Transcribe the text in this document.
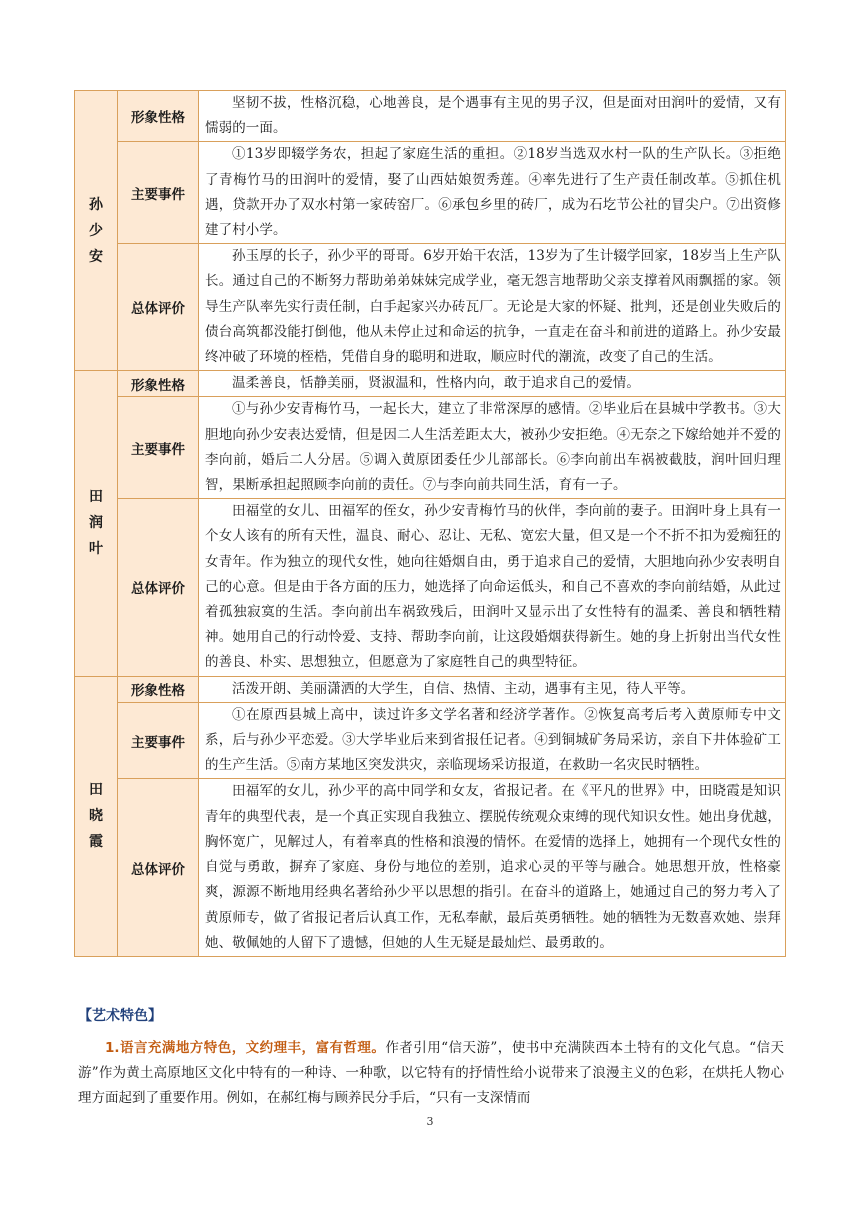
孙少安	形象性格	坚韧不拔，性格沉稳，心地善良，是个遇事有主见的男子汉，但是面对田润叶的爱情，又有懦弱的一面。
	主要事件	①13岁即辍学务农，担起了家庭生活的重担。②18岁当选双水村一队的生产队长。③拒绝了青梅竹马的田润叶的爱情，娶了山西姑娘贺秀莲。④率先进行了生产责任制改革。⑤抓住机遇，贷款开办了双水村第一家砖窑厂。⑥承包乡里的砖厂，成为石圪节公社的冒尖户。⑦出资修建了村小学。
	总体评价	孙玉厚的长子，孙少平的哥哥。6岁开始干农活，13岁为了生计辍学回家，18岁当上生产队长。通过自己的不断努力帮助弟弟妹妹完成学业，毫无怨言地帮助父亲支撑着风雨飘摇的家。领导生产队率先实行责任制，白手起家兴办砖瓦厂。无论是大家的怀疑、批判，还是创业失败后的债台高筑都没能打倒他，他从未停止过和命运的抗争，一直走在奋斗和前进的道路上。孙少安最终冲破了环境的桎梏，凭借自身的聪明和进取，顺应时代的潮流，改变了自己的生活。
田润叶	形象性格	温柔善良，恬静美丽，贤淑温和，性格内向，敢于追求自己的爱情。
	主要事件	①与孙少安青梅竹马，一起长大，建立了非常深厚的感情。②毕业后在县城中学教书。③大胆地向孙少安表达爱情，但是因二人生活差距太大，被孙少安拒绝。④无奈之下嫁给她并不爱的李向前，婚后二人分居。⑤调入黄原团委任少儿部部长。⑥李向前出车祸被截肢，润叶回归理智，果断承担起照顾李向前的责任。⑦与李向前共同生活，育有一子。
	总体评价	田福堂的女儿、田福军的侄女，孙少安青梅竹马的伙伴，李向前的妻子。田润叶身上具有一个女人该有的所有天性，温良、耐心、忍让、无私、宽宏大量，但又是一个不折不扣为爱痴狂的女青年。作为独立的现代女性，她向往婚烟自由，勇于追求自己的爱情，大胆地向孙少安表明自己的心意。但是由于各方面的压力，她选择了向命运低头，和自己不喜欢的李向前结婚，从此过着孤独寂寞的生活。李向前出车祸致残后，田润叶又显示出了女性特有的温柔、善良和牺牲精神。她用自己的行动怜爱、支持、帮助李向前，让这段婚烟获得新生。她的身上折射出当代女性的善良、朴实、思想独立，但愿意为了家庭牲自己的典型特征。
田晓霞	形象性格	活泼开朗、美丽潇洒的大学生，自信、热情、主动，遇事有主见，待人平等。
	主要事件	①在原西县城上高中，读过许多文学名著和经济学著作。②恢复高考后考入黄原师专中文系，后与孙少平恋爱。③大学毕业后来到省报任记者。④到铜城矿务局采访，亲自下井体验矿工的生产生活。⑤南方某地区突发洪灾，亲临现场采访报道，在救助一名灾民时牺牲。
	总体评价	田福军的女儿，孙少平的高中同学和女友，省报记者。在《平凡的世界》中，田晓霞是知识青年的典型代表，是一个真正实现自我独立、摆脱传统观众束缚的现代知识女性。她出身优越，胸怀宽广，见解过人，有着率真的性格和浪漫的情怀。在爱情的选择上，她拥有一个现代女性的自觉与勇敢，摒弃了家庭、身份与地位的差别，追求心灵的平等与融合。她思想开放，性格豪爽，源源不断地用经典名著给孙少平以思想的指引。在奋斗的道路上，她通过自己的努力考入了黄原师专，做了省报记者后认真工作，无私奉献，最后英勇牺牲。她的牺牲为无数喜欢她、崇拜她、敬佩她的人留下了遗憾，但她的人生无疑是最灿烂、最勇敢的。
【艺术特色】

1.语言充满地方特色，文约理丰，富有哲理。作者引用“信天游”，使书中充满陕西本土特有的文化气息。“信天游”作为黄土高原地区文化中特有的一种诗、一种歌，以它特有的抒情性给小说带来了浪漫主义的色彩，在烘托人物心理方面起到了重要作用。例如，在郝红梅与顾养民分手后，“只有一支深情而

3
